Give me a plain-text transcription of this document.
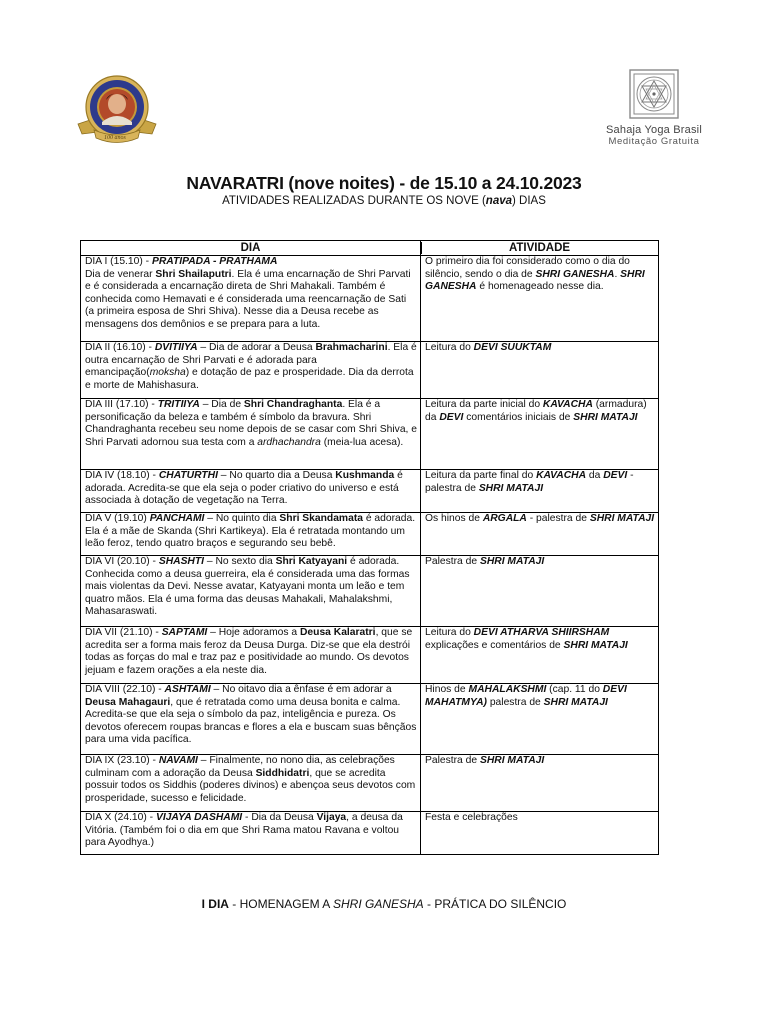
100 anos
Sahaja Yoga Brasil
Meditação Gratuita
NAVARATRI (nove noites) - de 15.10 a 24.10.2023
ATIVIDADES REALIZADAS DURANTE OS NOVE (nava) DIAS
DIA	ATIVIDADE
DIA I (15.10) - PRATIPADA - PRATHAMA
Dia de venerar Shri Shailaputri. Ela é uma encarnação de Shri Parvati e é considerada a encarnação direta de Shri Mahakali. Também é conhecida como Hemavati e é considerada uma reencarnação de Sati (a primeira esposa de Shri Shiva). Nesse dia a Deusa recebe as mensagens dos demônios e se prepara para a luta.	O primeiro dia foi considerado como o dia do silêncio, sendo o dia de SHRI GANESHA. SHRI GANESHA é homenageado nesse dia.
DIA II (16.10) - DVITIIYA – Dia de adorar a Deusa Brahmacharini. Ela é outra encarnação de Shri Parvati e é adorada para emancipação(moksha) e dotação de paz e prosperidade. Dia da derrota e morte de Mahishasura.	Leitura do DEVI SUUKTAM
DIA III (17.10) - TRITIIYA – Dia de Shri Chandraghanta. Ela é a personificação da beleza e também é símbolo da bravura. Shri Chandraghanta recebeu seu nome depois de se casar com Shri Shiva, e Shri Parvati adornou sua testa com a ardhachandra (meia-lua acesa).	Leitura da parte inicial do KAVACHA (armadura) da DEVI comentários iniciais de SHRI MATAJI
DIA IV (18.10) - CHATURTHI – No quarto dia a Deusa Kushmanda é adorada. Acredita-se que ela seja o poder criativo do universo e está associada à dotação de vegetação na Terra.	Leitura da parte final do KAVACHA da DEVI - palestra de SHRI MATAJI
DIA V (19.10) PANCHAMI – No quinto dia Shri Skandamata é adorada. Ela é a mãe de Skanda (Shri Kartikeya). Ela é retratada montando um leão feroz, tendo quatro braços e segurando seu bebê.	Os hinos de ARGALA - palestra de SHRI MATAJI
DIA VI (20.10) - SHASHTI – No sexto dia Shri Katyayani é adorada. Conhecida como a deusa guerreira, ela é considerada uma das formas mais violentas da Devi. Nesse avatar, Katyayani monta um leão e tem quatro mãos. Ela é uma forma das deusas Mahakali, Mahalakshmi, Mahasaraswati.	Palestra de SHRI MATAJI
DIA VII (21.10) - SAPTAMI – Hoje adoramos a Deusa Kalaratri, que se acredita ser a forma mais feroz da Deusa Durga. Diz-se que ela destrói todas as forças do mal e traz paz e positividade ao mundo. Os devotos jejuam e fazem orações a ela neste dia.	Leitura do DEVI ATHARVA SHIIRSHAM explicações e comentários de SHRI MATAJI
DIA VIII (22.10) - ASHTAMI – No oitavo dia a ênfase é em adorar a Deusa Mahagauri, que é retratada como uma deusa bonita e calma. Acredita-se que ela seja o símbolo da paz, inteligência e pureza. Os devotos oferecem roupas brancas e flores a ela e buscam suas bênçãos para uma vida pacífica.	Hinos de MAHALAKSHMI (cap. 11 do DEVI MAHATMYA) palestra de SHRI MATAJI
DIA IX (23.10) - NAVAMI – Finalmente, no nono dia, as celebrações culminam com a adoração da Deusa Siddhidatri, que se acredita possuir todos os Siddhis (poderes divinos) e abençoa seus devotos com prosperidade, sucesso e felicidade.	Palestra de SHRI MATAJI
DIA X (24.10) - VIJAYA DASHAMI - Dia da Deusa Vijaya, a deusa da Vitória. (Também foi o dia em que Shri Rama matou Ravana e voltou para Ayodhya.)	Festa e celebrações
I DIA - HOMENAGEM A SHRI GANESHA - PRÁTICA DO SILÊNCIO
